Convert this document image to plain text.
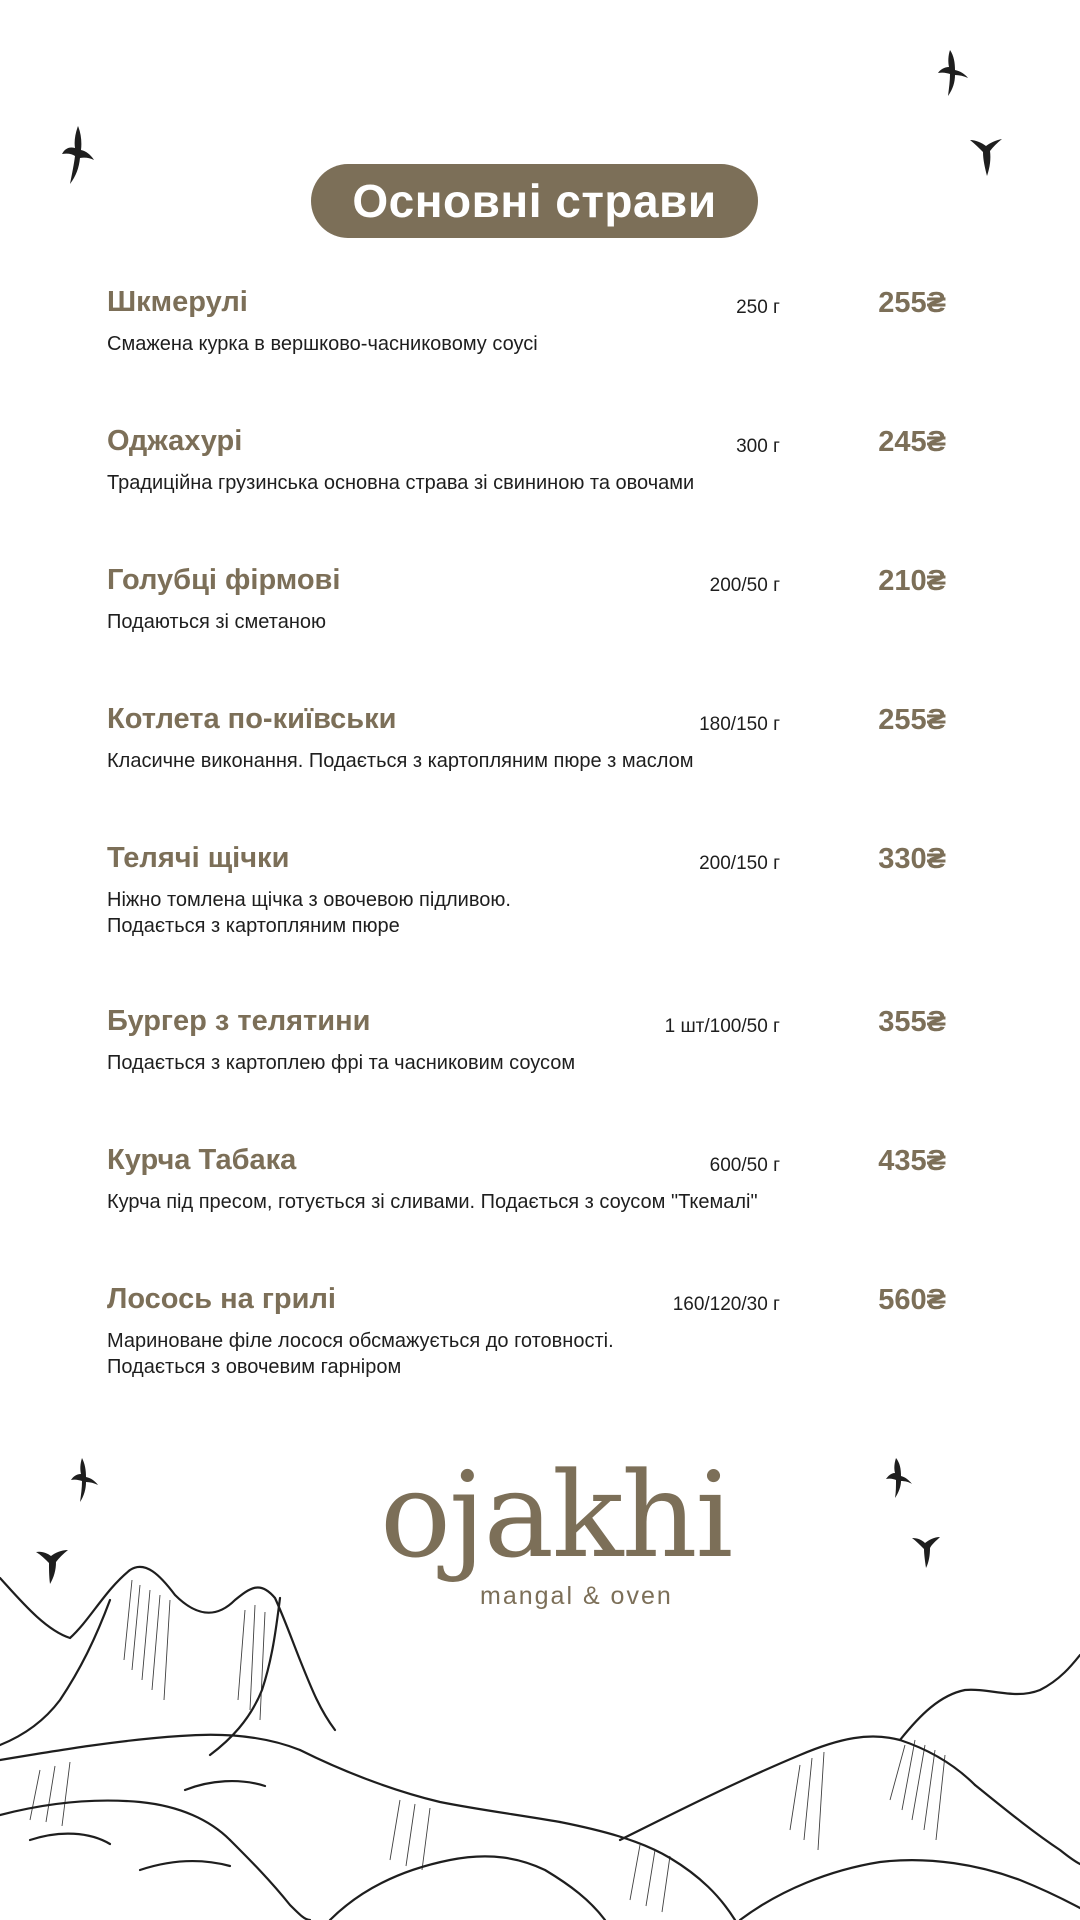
Основні страви
Шкмерулі	250 г	255₴
Смажена курка в вершково-часниковому соусі
Оджахурі	300 г	245₴
Традиційна грузинська основна страва зі свининою та овочами
Голубці фірмові	200/50 г	210₴
Подаються зі сметаною
Котлета по-київськи	180/150 г	255₴
Класичне виконання. Подається з картопляним пюре з маслом
Телячі щічки	200/150 г	330₴
Ніжно томлена щічка з овочевою підливою.
Подається з картопляним пюре
Бургер з телятини	1 шт/100/50 г	355₴
Подається з картоплею фрі та часниковим соусом
Курча Табака	600/50 г	435₴
Курча під пресом, готується зі сливами. Подається з соусом "Ткемалі"
Лосось на грилі	160/120/30 г	560₴
Мариноване філе лосося обсмажується до готовності.
Подається з овочевим гарніром
ojakhi
mangal & oven
